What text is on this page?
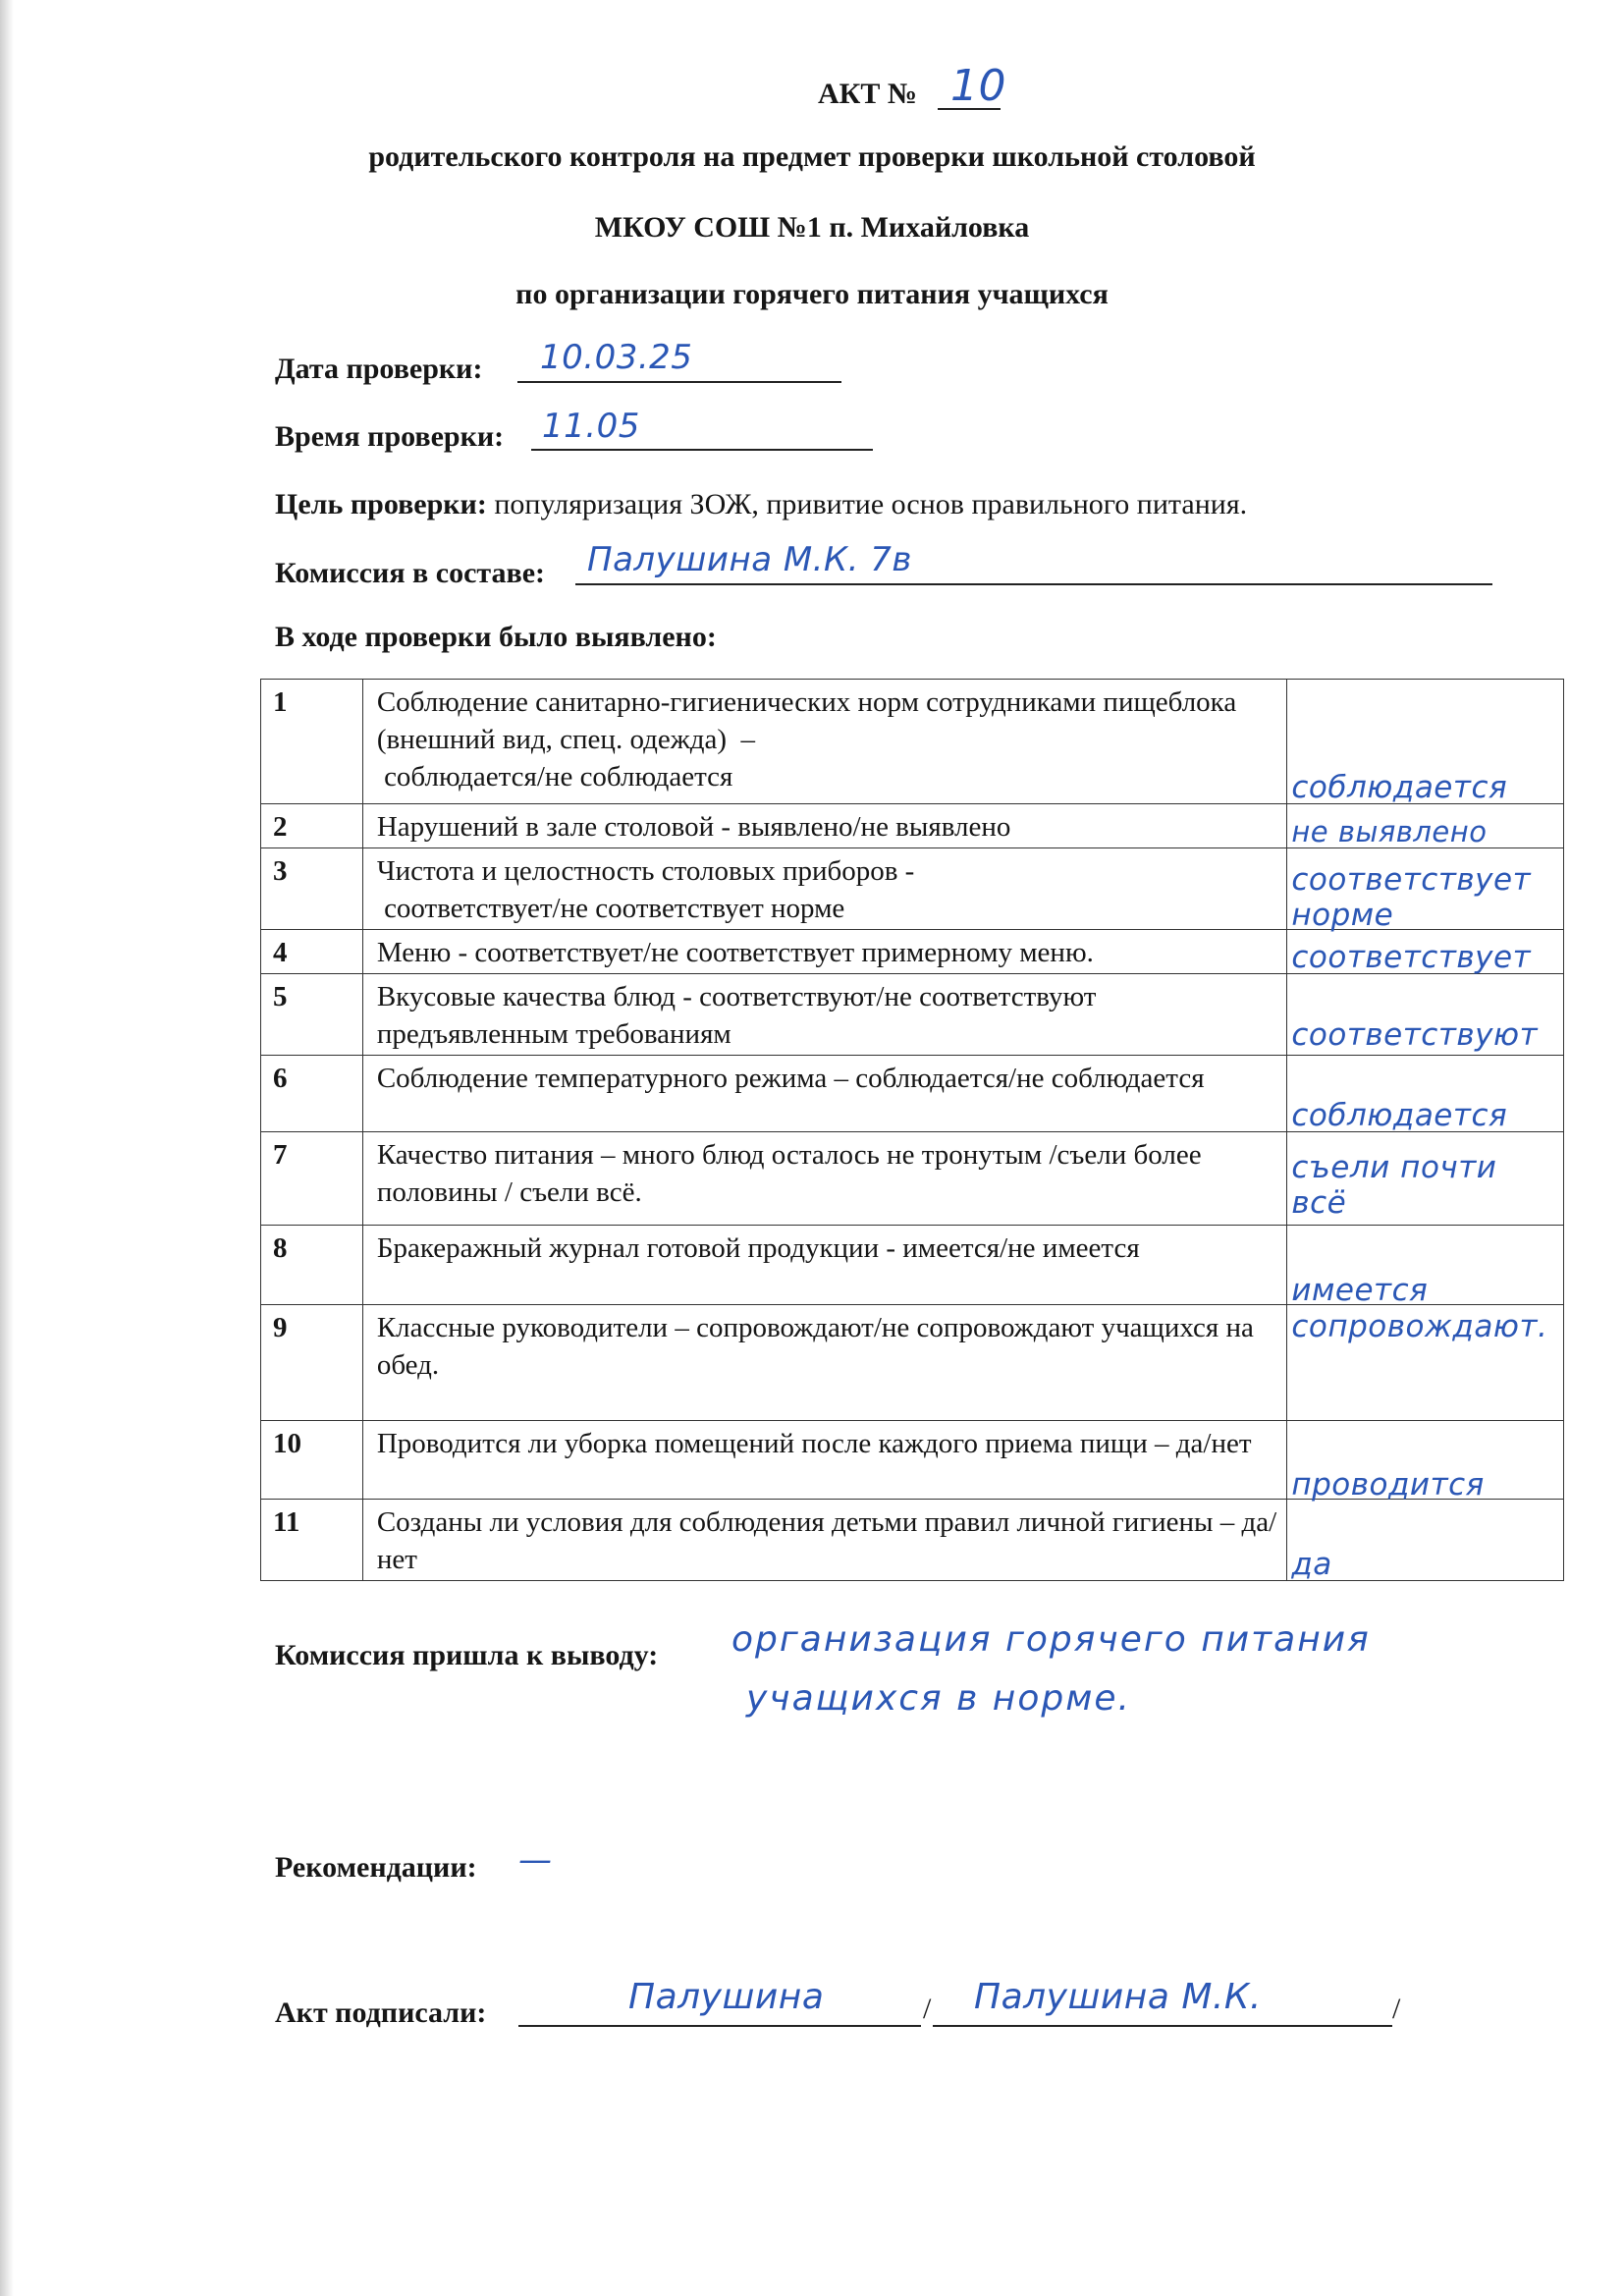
АКТ № 10
родительского контроля на предмет проверки школьной столовой
МКОУ СОШ №1 п. Михайловка
по организации горячего питания учащихся
Дата проверки: 10.03.25
Время проверки: 11.05
Цель проверки: популяризация ЗОЖ, привитие основ правильного питания.
Комиссия в составе: Палушина М.К. 7в
В ходе проверки было выявлено:
1	Соблюдение санитарно-гигиенических норм сотрудниками пищеблока (внешний вид, спец. одежда)  –
соблюдается/не соблюдается	соблюдается

2	Нарушений в зале столовой - выявлено/не выявлено	не выявлено

3	Чистота и целостность столовых приборов -
соответствует/не соответствует норме	соответствует
норме

4	Меню - соответствует/не соответствует примерному меню.	соответствует

5	Вкусовые качества блюд - соответствуют/не соответствуют предъявленным требованиям	соответствуют

6	Соблюдение температурного режима – соблюдается/не соблюдается	соблюдается

7	Качество питания – много блюд осталось не тронутым /съели более половины / съели всё.	съели почти
всё

8	Бракеражный журнал готовой продукции - имеется/не имеется	имеется

9	Классные руководители – сопровождают/не сопровождают учащихся на обед.	сопровождают.

10	Проводится ли уборка помещений после каждого приема пищи – да/нет	проводится

11	Созданы ли условия для соблюдения детьми правил личной гигиены – да/ нет	да
Комиссия пришла к выводу: организация горячего питания
учащихся в норме.
Рекомендации: —
Акт подписали:	Палушина	/ Палушина М.К.	/
